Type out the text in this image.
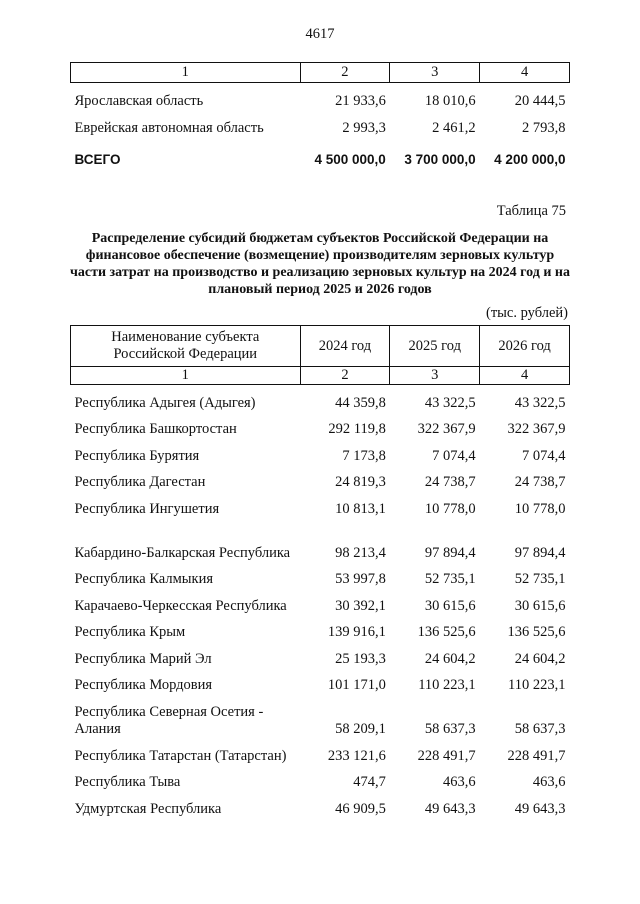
4617
1	2	3	4
Ярославская область	21 933,6	18 010,6	20 444,5
Еврейская автономная область	2 993,3	2 461,2	2 793,8
ВСЕГО	4 500 000,0	3 700 000,0	4 200 000,0
Таблица 75
Распределение субсидий бюджетам субъектов Российской Федерации на финансовое обеспечение (возмещение) производителям зерновых культур части затрат на производство и реализацию зерновых культур на 2024 год и на плановый период 2025 и 2026 годов
(тыс. рублей)
Наименование субъекта Российской Федерации	2024 год	2025 год	2026 год
1	2	3	4
Республика Адыгея (Адыгея)	44 359,8	43 322,5	43 322,5
Республика Башкортостан	292 119,8	322 367,9	322 367,9
Республика Бурятия	7 173,8	7 074,4	7 074,4
Республика Дагестан	24 819,3	24 738,7	24 738,7
Республика Ингушетия	10 813,1	10 778,0	10 778,0
Кабардино-Балкарская Республика	98 213,4	97 894,4	97 894,4
Республика Калмыкия	53 997,8	52 735,1	52 735,1
Карачаево-Черкесская Республика	30 392,1	30 615,6	30 615,6
Республика Крым	139 916,1	136 525,6	136 525,6
Республика Марий Эл	25 193,3	24 604,2	24 604,2
Республика Мордовия	101 171,0	110 223,1	110 223,1
Республика Северная Осетия - Алания	58 209,1	58 637,3	58 637,3
Республика Татарстан (Татарстан)	233 121,6	228 491,7	228 491,7
Республика Тыва	474,7	463,6	463,6
Удмуртская Республика	46 909,5	49 643,3	49 643,3
